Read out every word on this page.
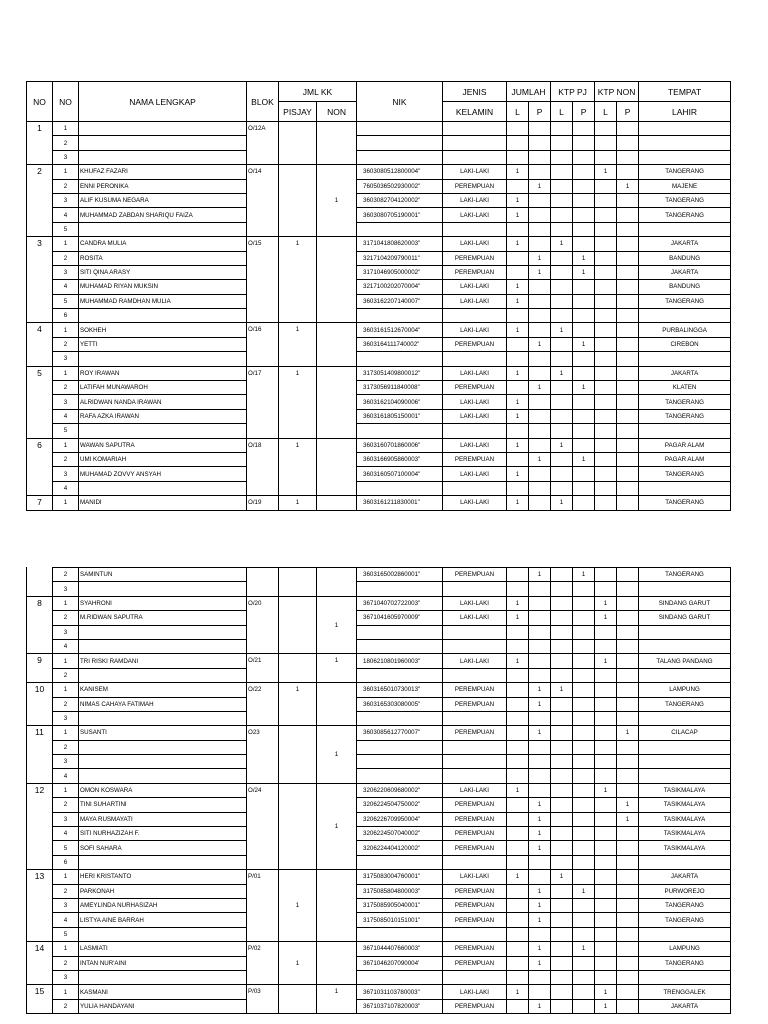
NO	NO	NAMA LENGKAP	BLOK	JML KK		NIK	JENIS	JUMLAH		KTP PJ		KTP NON		TEMPAT
				PISJAY	NON		KELAMIN	L	P	L	P	L	P	LAHIR
1	1		O/12A											
	2													
	3													
2	1	KHUFAZ FAZARI	O/14		1	3603080512800004"	LAKI-LAKI	1				1		TANGERANG
	2	ENNI PERONIKA				7605036502930002"	PEREMPUAN		1				1	MAJENE
	3	ALIF KUSUMA NEGARA				3603082704120002"	LAKI-LAKI	1						TANGERANG
	4	MUHAMMAD ZABDAN SHARIQU FAIZA				3603080705190001"	LAKI-LAKI	1						TANGERANG
	5													
3	1	CANDRA MULIA	O/15	1		3171041808620003"	LAKI-LAKI	1		1				JAKARTA
	2	ROSITA				3217104209790011"	PEREMPUAN		1		1			BANDUNG
	3	SITI QINA ARASY				3171046905000002"	PEREMPUAN		1		1			JAKARTA
	4	MUHAMAD RIYAN MUKSIN				3217100202070004"	LAKI-LAKI	1						BANDUNG
	5	MUHAMMAD RAMDHAN MULIA				3603162207140007"	LAKI-LAKI	1						TANGERANG
	6													
4	1	SOKHEH	O/16	1		3603161512670004"	LAKI-LAKI	1		1				PURBALINGGA
	2	YETTI				3603164111740002"	PEREMPUAN		1		1			CIREBON
	3													
5	1	ROY IRAWAN	O/17	1		3173051409800012"	LAKI-LAKI	1		1				JAKARTA
	2	LATIFAH MUNAWAROH				3173056911840008"	PEREMPUAN		1		1			KLATEN
	3	ALRIDWAN NANDA IRAWAN				3603162104090006"	LAKI-LAKI	1						TANGERANG
	4	RAFA AZKA IRAWAN				3603161805150001"	LAKI-LAKI	1						TANGERANG
	5													
6	1	WAWAN SAPUTRA	O/18	1		3603160701860006"	LAKI-LAKI	1		1				PAGAR ALAM
	2	UMI KOMARIAH				3603166905860003"	PEREMPUAN		1		1			PAGAR ALAM
	3	MUHAMAD ZOVVY ANSYAH				3603160507100004"	LAKI-LAKI	1						TANGERANG
	4													
7	1	MANIDI	O/19	1		3603161211830001"	LAKI-LAKI	1		1				TANGERANG
	2	SAMINTUN				3603165002860001"	PEREMPUAN		1		1			TANGERANG
	3													
8	1	SYAHRONI	O/20		1	3671040702722003"	LAKI-LAKI	1				1		SINDANG GARUT
	2	M.RIDWAN SAPUTRA				3671041605970009"	LAKI-LAKI	1				1		SINDANG GARUT
	3													
	4													
9	1	TRI RISKI RAMDANI	O/21		1	1806210801960003"	LAKI-LAKI	1				1		TALANG PANDANG
	2													
10	1	KANISEM	O/22	1		3603165010730013"	PEREMPUAN		1	1				LAMPUNG
	2	NIMAS CAHAYA FATIMAH				3603165303080005"	PEREMPUAN		1					TANGERANG
	3													
11	1	SUSANTI	O23		1	3603085612770007"	PEREMPUAN		1				1	CILACAP
	2													
	3													
	4													
12	1	OMON KOSWARA	O/24		1	3206220609680002"	LAKI-LAKI	1				1		TASIKMALAYA
	2	TINI SUHARTINI				3206224504750002"	PEREMPUAN		1				1	TASIKMALAYA
	3	MAYA RUSMAYATI				3206226709950004"	PEREMPUAN		1				1	TASIKMALAYA
	4	SITI NURHAZIZAH F.				3206224507040002"	PEREMPUAN		1					TASIKMALAYA
	5	SOFI SAHARA				3206224404120002"	PEREMPUAN		1					TASIKMALAYA
	6													
13	1	HERI KRISTANTO	P/01	1		3175083004760001"	LAKI-LAKI	1		1				JAKARTA
	2	PARKONAH				3175085804800003"	PEREMPUAN		1		1			PURWOREJO
	3	AMEYLINDA NURHASIZAH				3175085905040001"	PEREMPUAN		1					TANGERANG
	4	LISTYA AINE BARRAH				3175085010151001"	PEREMPUAN		1					TANGERANG
	5													
14	1	LASMIATI	P/02	1		3671044407660003"	PEREMPUAN		1		1			LAMPUNG
	2	INTAN NUR'AINI				3671046207090004'	PEREMPUAN		1					TANGERANG
	3													
15	1	KASMANI	P/03		1	3671031103780003"	LAKI-LAKI	1				1		TRENGGALEK
	2	YULIA HANDAYANI				3671037107820003"	PEREMPUAN		1			1		JAKARTA
